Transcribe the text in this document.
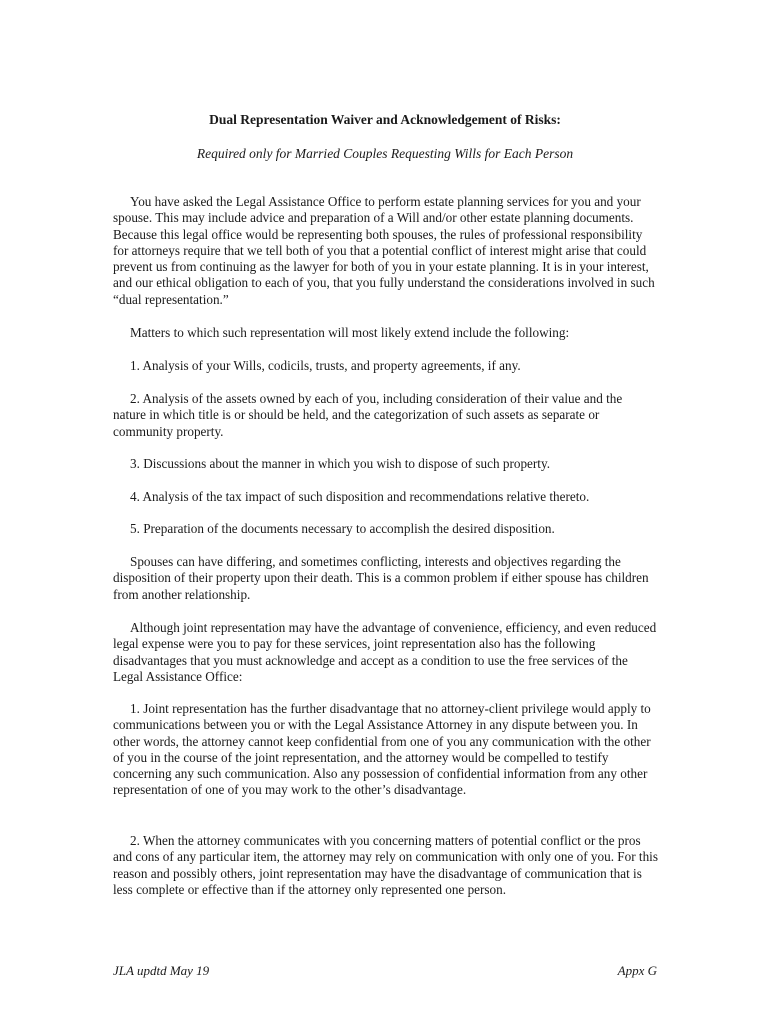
Dual Representation Waiver and Acknowledgement of Risks:
Required only for Married Couples Requesting Wills for Each Person

You have asked the Legal Assistance Office to perform estate planning services for you and your spouse. This may include advice and preparation of a Will and/or other estate planning documents. Because this legal office would be representing both spouses, the rules of professional responsibility for attorneys require that we tell both of you that a potential conflict of interest might arise that could prevent us from continuing as the lawyer for both of you in your estate planning. It is in your interest, and our ethical obligation to each of you, that you fully understand the considerations involved in such “dual representation.”

Matters to which such representation will most likely extend include the following:

1. Analysis of your Wills, codicils, trusts, and property agreements, if any.

2. Analysis of the assets owned by each of you, including consideration of their value and the nature in which title is or should be held, and the categorization of such assets as separate or community property.

3. Discussions about the manner in which you wish to dispose of such property.

4. Analysis of the tax impact of such disposition and recommendations relative thereto.

5. Preparation of the documents necessary to accomplish the desired disposition.

Spouses can have differing, and sometimes conflicting, interests and objectives regarding the disposition of their property upon their death. This is a common problem if either spouse has children from another relationship.

Although joint representation may have the advantage of convenience, efficiency, and even reduced legal expense were you to pay for these services, joint representation also has the following disadvantages that you must acknowledge and accept as a condition to use the free services of the Legal Assistance Office:

1. Joint representation has the further disadvantage that no attorney-client privilege would apply to communications between you or with the Legal Assistance Attorney in any dispute between you. In other words, the attorney cannot keep confidential from one of you any communication with the other of you in the course of the joint representation, and the attorney would be compelled to testify concerning any such communication. Also any possession of confidential information from any other representation of one of you may work to the other’s disadvantage.

2. When the attorney communicates with you concerning matters of potential conflict or the pros and cons of any particular item, the attorney may rely on communication with only one of you. For this reason and possibly others, joint representation may have the disadvantage of communication that is less complete or effective than if the attorney only represented one person.

JLA updtd May 19	Appx G
